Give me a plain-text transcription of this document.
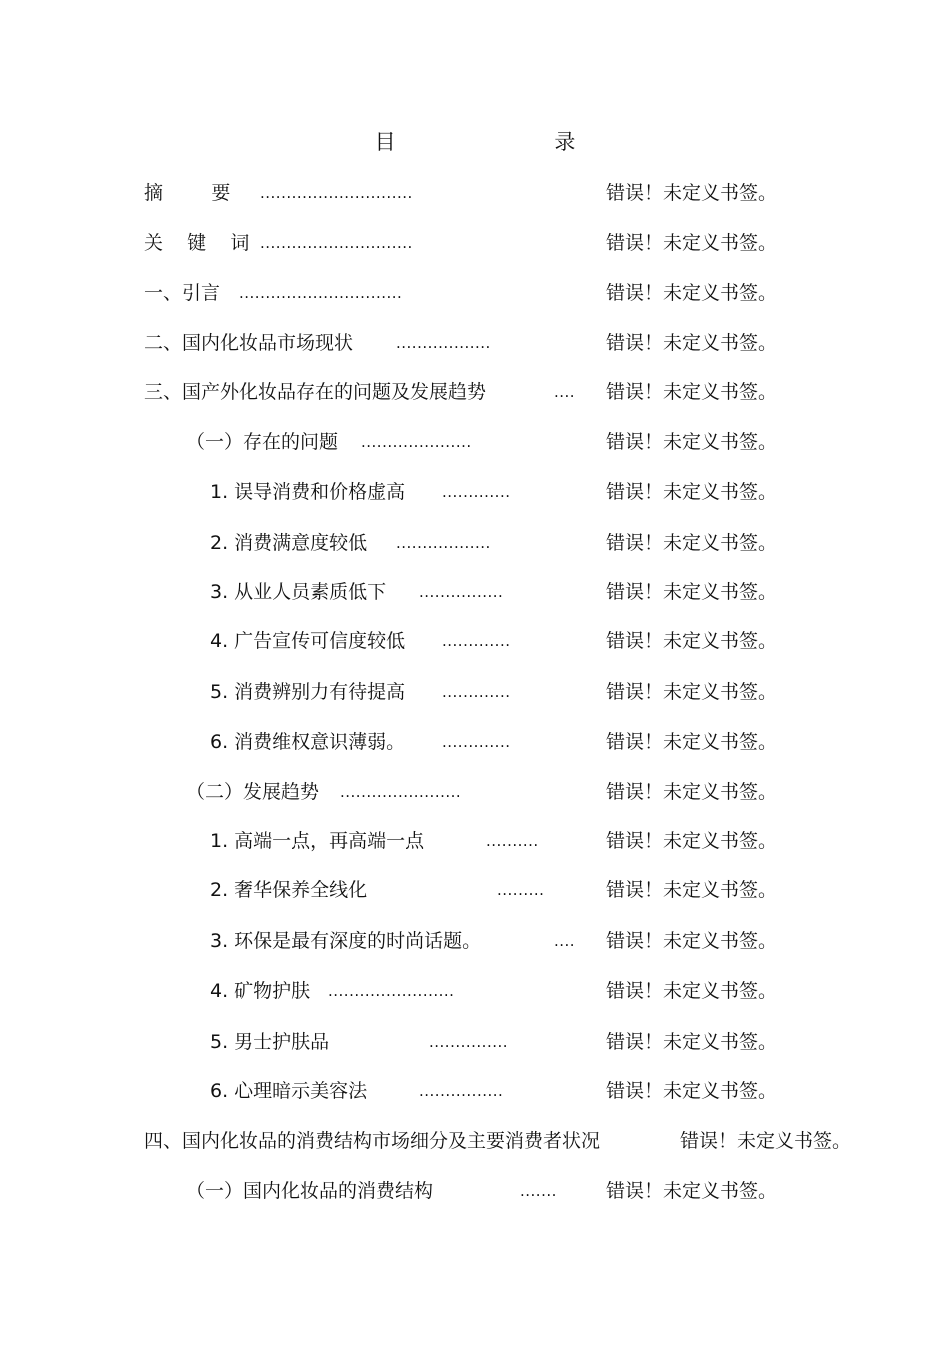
目 录
摘        要 .............................	错误！未定义书签。
关    键    词 .............................	错误！未定义书签。
一、引言 ...............................	错误！未定义书签。
二、国内化妆品市场现状	..................	错误！未定义书签。
三、国产外化妆品存在的问题及发展趋势	.... 错误！未定义书签。
（一）存在的问题 .....................	错误！未定义书签。
1. 误导消费和价格虚高 .............	错误！未定义书签。
2. 消费满意度较低 ..................	错误！未定义书签。
3. 从业人员素质低下 ................	错误！未定义书签。
4. 广告宣传可信度较低 .............	错误！未定义书签。
5. 消费辨别力有待提高 .............	错误！未定义书签。
6. 消费维权意识薄弱。 .............	错误！未定义书签。
（二）发展趋势 .......................	错误！未定义书签。
1. 高端一点，再高端一点	..........	错误！未定义书签。
2. 奢华保养全线化	.........	错误！未定义书签。
3. 环保是最有深度的时尚话题。	.... 错误！未定义书签。
4. 矿物护肤 ........................	错误！未定义书签。
5. 男士护肤品	...............	错误！未定义书签。
6. 心理暗示美容法	................	错误！未定义书签。
四、国内化妆品的消费结构市场细分及主要消费者状况	错误！未定义书签。
（一）国内化妆品的消费结构	.......	错误！未定义书签。
